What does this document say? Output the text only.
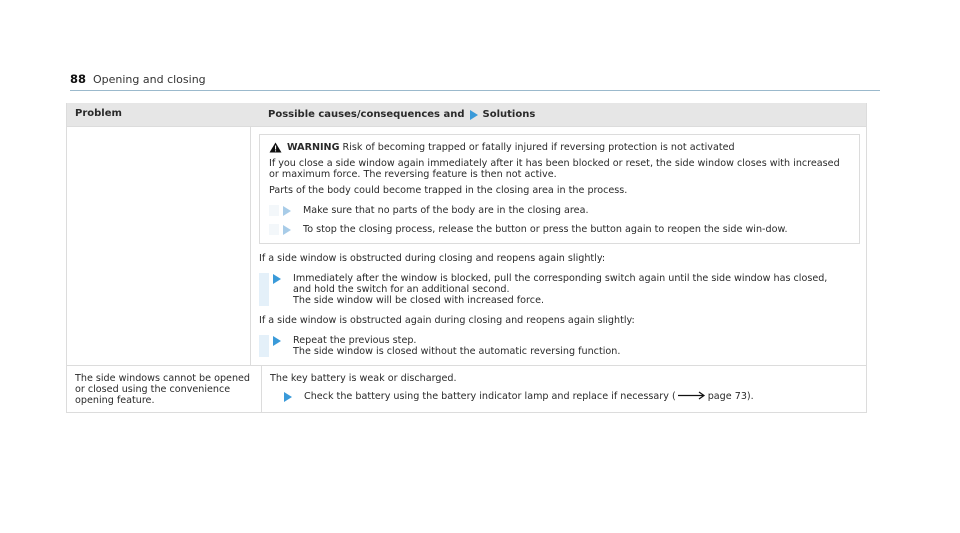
88 Opening and closing
Problem	Possible causes/consequences and Solutions

WARNING Risk of becoming trapped or fatally injured if reversing protection is not activated

If you close a side window again immediately after it has been blocked or reset, the side window closes with increased or maximum force. The reversing feature is then not active.

Parts of the body could become trapped in the closing area in the process.

Make sure that no parts of the body are in the closing area.

To stop the closing process, release the button or press the button again to reopen the side win-dow.

If a side window is obstructed during closing and reopens again slightly:

Immediately after the window is blocked, pull the corresponding switch again until the side window has closed, and hold the switch for an additional second.

The side window will be closed with increased force.

If a side window is obstructed again during closing and reopens again slightly:

Repeat the previous step.

The side window is closed without the automatic reversing function.

The side windows cannot be opened or closed using the convenience opening feature.

The key battery is weak or discharged.

Check the battery using the battery indicator lamp and replace if necessary (	page 73).
